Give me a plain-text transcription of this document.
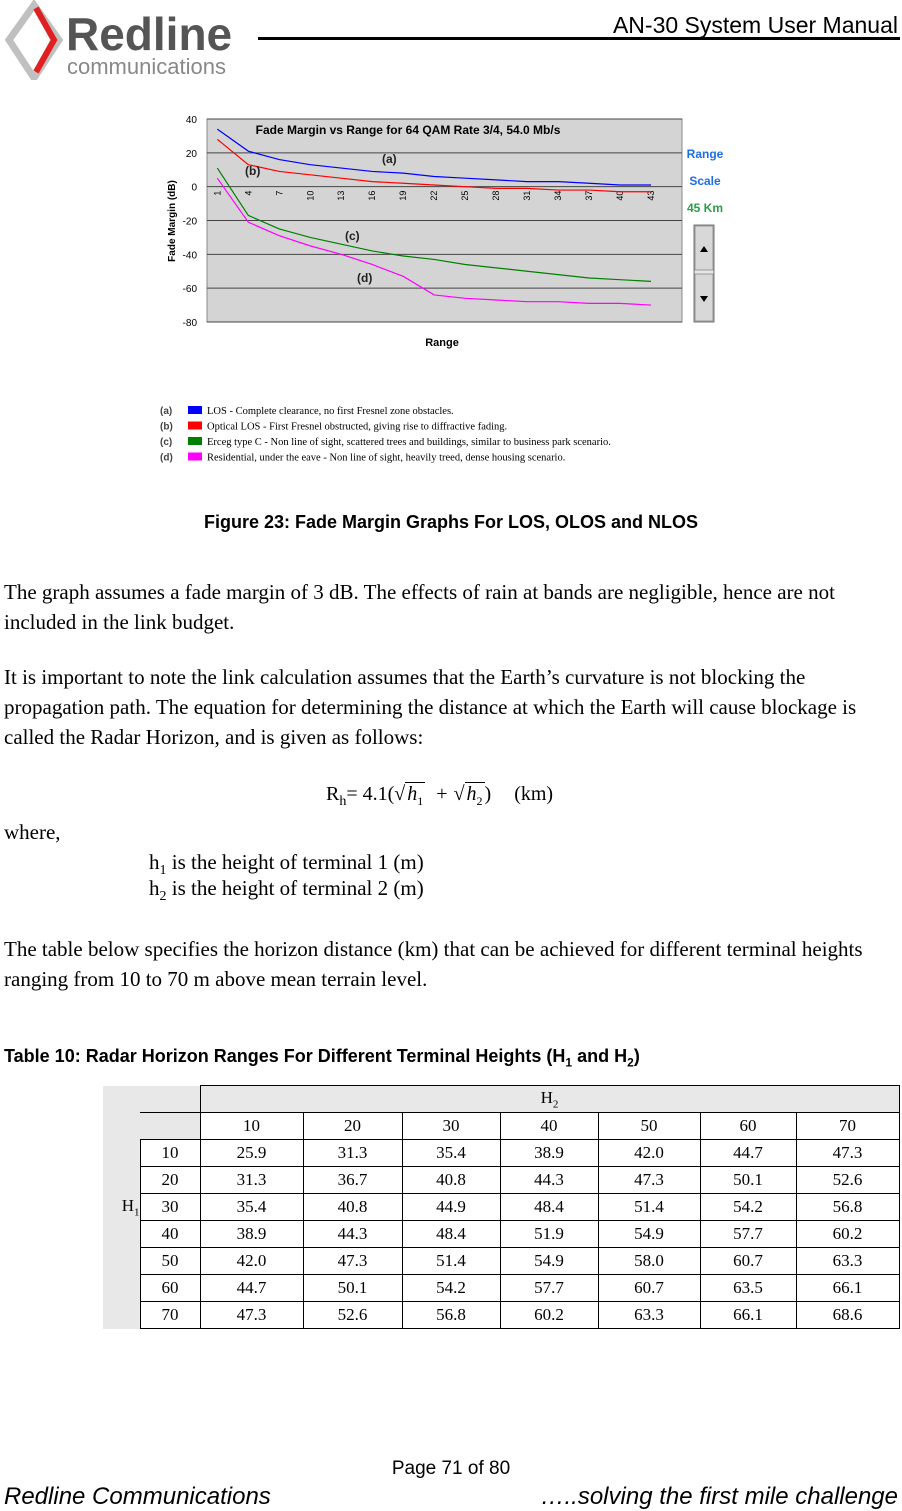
Redline
communications
AN-30 System User Manual
40
20
0
-20
-40
-60
-80
1 4 7 10 13 16 19 22 25 28 31 34 37 40 43
Fade Margin vs Range for 64 QAM Rate 3/4, 54.0 Mb/s
Fade Margin (dB)
Range
(a)
(b)
(c)
(d)
Range
Scale
45 Km
(a)	LOS - Complete clearance, no first Fresnel zone obstacles.
(b)	Optical LOS - First Fresnel obstructed, giving rise to diffractive fading.
(c)	Erceg type C - Non line of sight, scattered trees and buildings, similar to business park scenario.
(d)	Residential, under the eave - Non line of sight, heavily treed, dense housing scenario.
Figure 23: Fade Margin Graphs For LOS, OLOS and NLOS

The graph assumes a fade margin of 3 dB. The effects of rain at bands are negligible, hence are not included in the link budget.

It is important to note the link calculation assumes that the Earth’s curvature is not blocking the propagation path. The equation for determining the distance at which the Earth will cause blockage is called the Radar Horizon, and is given as follows:

$R_h= 4.1(√$ $h_1$ + √ $h_2$ ) (km)
where,
$h_1$ is the height of terminal 1 (m)
$h_2$ is the height of terminal 2 (m)

The table below specifies the horizon distance (km) that can be achieved for different terminal heights ranging from 10 to 70 m above mean terrain level.

Table 10: Radar Horizon Ranges For Different Terminal Heights ($H_1$ and $H_2$)
$H_1$		$H_2$
		10	20	30	40	50	60	70
	10	25.9	31.3	35.4	38.9	42.0	44.7	47.3
	20	31.3	36.7	40.8	44.3	47.3	50.1	52.6
	30	35.4	40.8	44.9	48.4	51.4	54.2	56.8
	40	38.9	44.3	48.4	51.9	54.9	57.7	60.2
	50	42.0	47.3	51.4	54.9	58.0	60.7	63.3
	60	44.7	50.1	54.2	57.7	60.7	63.5	66.1
	70	47.3	52.6	56.8	60.2	63.3	66.1	68.6
Page 71 of 80
Redline Communications	…..solving the first mile challenge
